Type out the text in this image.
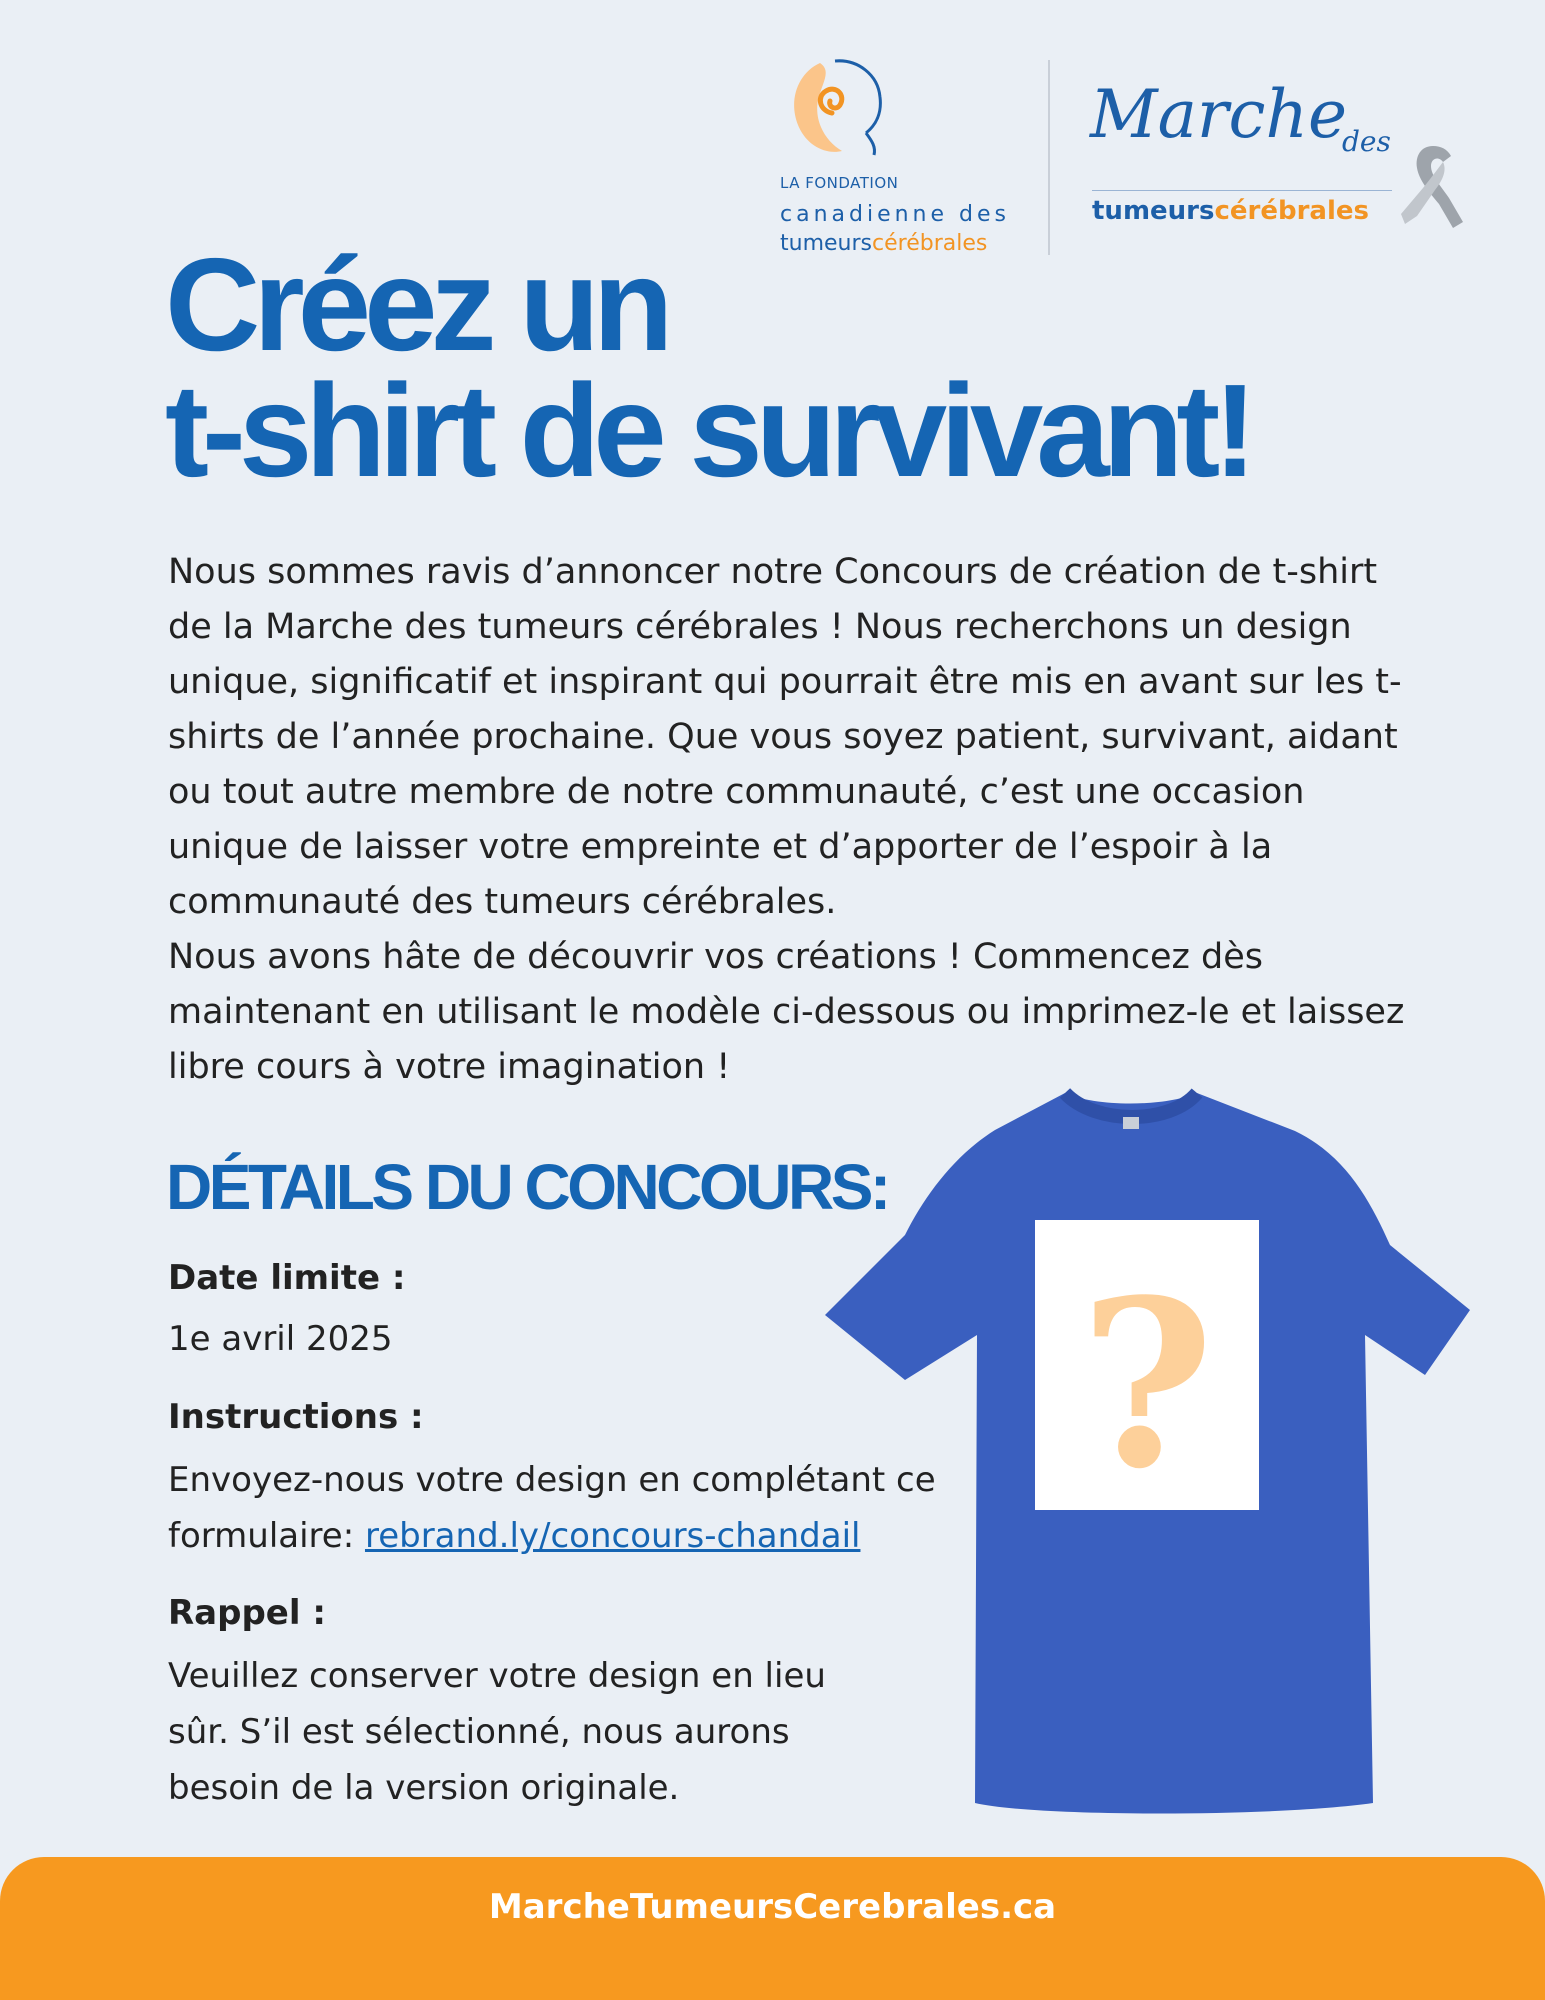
LA FONDATION
canadienne des
tumeurscérébrales
Marche
des
tumeurscérébrales
Créez un
t-shirt de survivant!

Nous sommes ravis d’annoncer notre Concours de création de t-shirt de la Marche des tumeurs cérébrales ! Nous recherchons un design unique, significatif et inspirant qui pourrait être mis en avant sur les t-shirts de l’année prochaine. Que vous soyez patient, survivant, aidant ou tout autre membre de notre communauté, c’est une occasion unique de laisser votre empreinte et d’apporter de l’espoir à la communauté des tumeurs cérébrales.

Nous avons hâte de découvrir vos créations ! Commencez dès maintenant en utilisant le modèle ci-dessous ou imprimez-le et laissez libre cours à votre imagination !

DÉTAILS DU CONCOURS:
Date limite :
1e avril 2025
Instructions :
Envoyez-nous votre design en complétant ce formulaire: rebrand.ly/concours-chandail
Rappel :
Veuillez conserver votre design en lieu sûr. S’il est sélectionné, nous aurons besoin de la version originale.
?
MarcheTumeursCerebrales.ca
